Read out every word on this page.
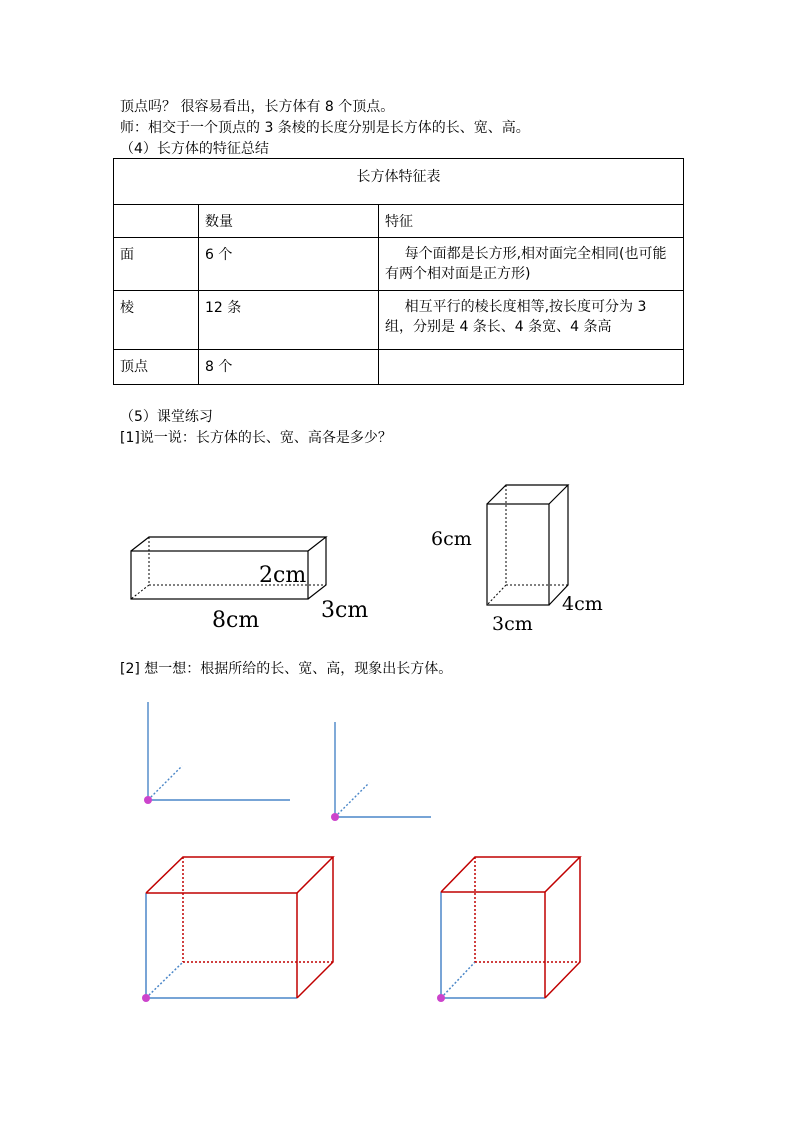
顶点吗？ 很容易看出，长方体有 8 个顶点。
师：相交于一个顶点的 3 条棱的长度分别是长方体的长、宽、高。
（4）长方体的特征总结
长方体特征表		
	数量	特征
面	6 个	每个面都是长方形,相对面完全相同(也可能有两个相对面是正方形)
棱	12 条	相互平行的棱长度相等,按长度可分为 3 组，分别是 4 条长、4 条宽、4 条高
顶点	8 个	
（5）课堂练习
[1]说一说：长方体的长、宽、高各是多少？
[2] 想一想：根据所给的长、宽、高，现象出长方体。
2cm
3cm
8cm
6cm
4cm
3cm
